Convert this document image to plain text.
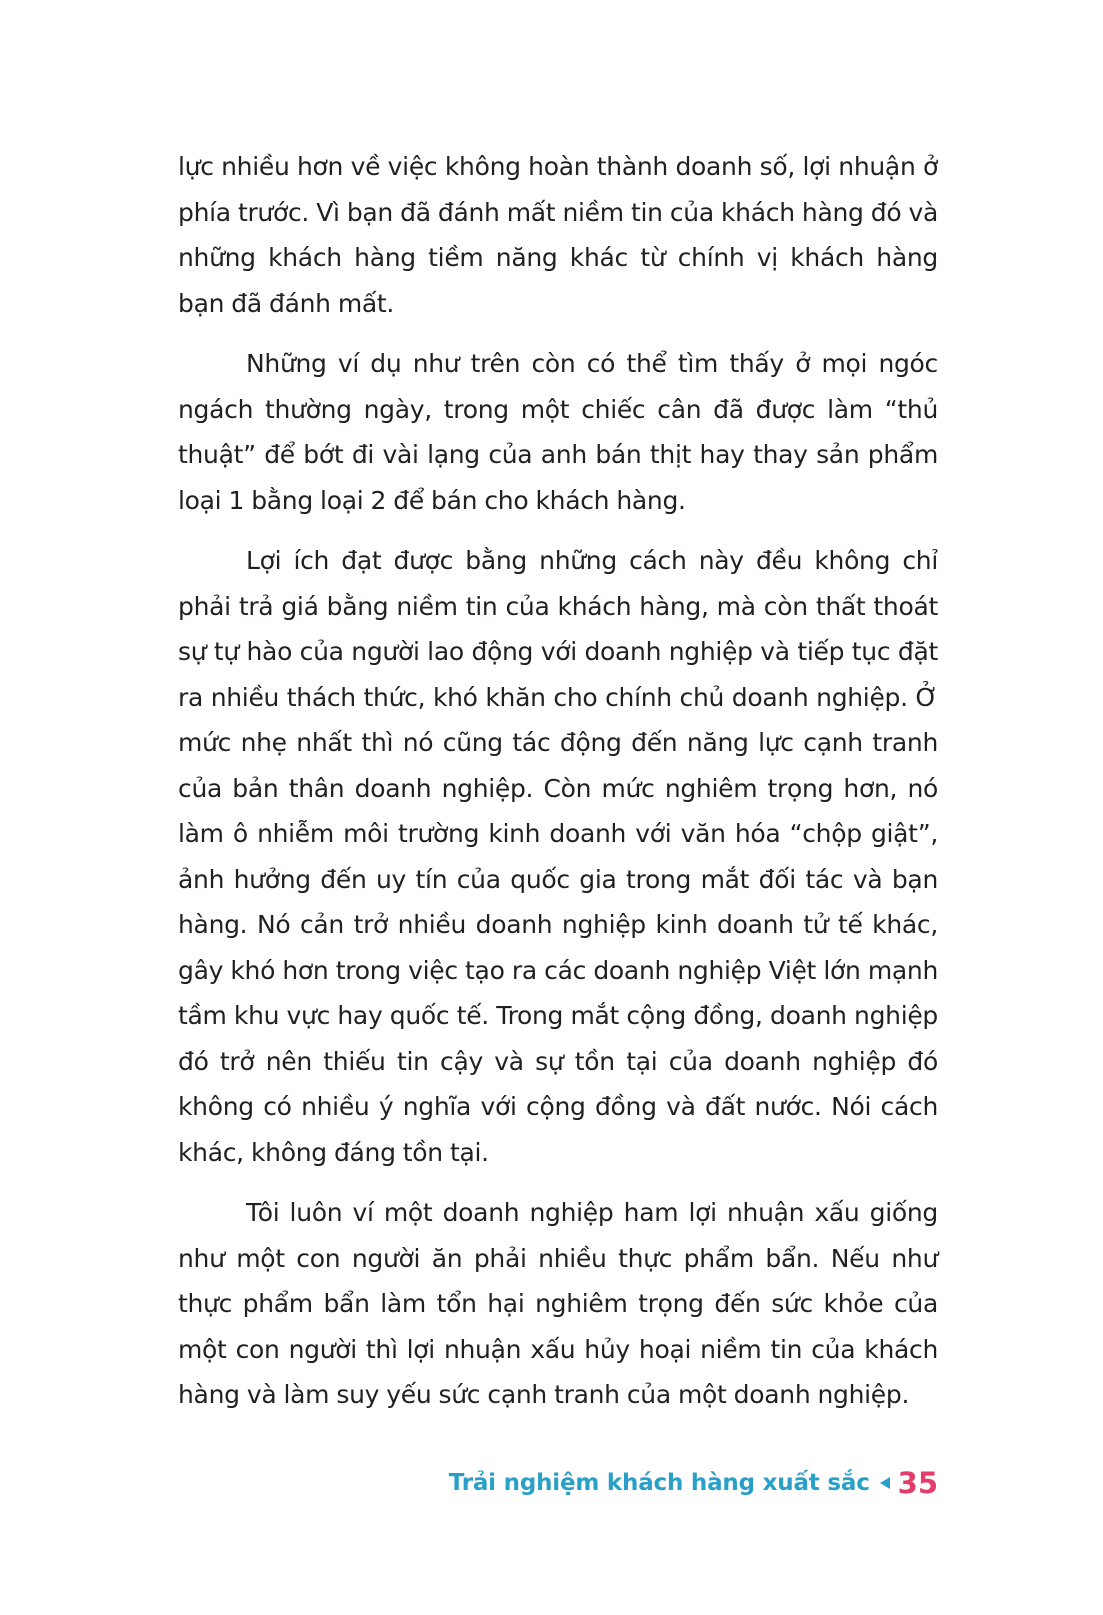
lực nhiều hơn về việc không hoàn thành doanh số, lợi nhuận ở phía trước. Vì bạn đã đánh mất niềm tin của khách hàng đó và những khách hàng tiềm năng khác từ chính vị khách hàng bạn đã đánh mất.

Những ví dụ như trên còn có thể tìm thấy ở mọi ngóc ngách thường ngày, trong một chiếc cân đã được làm “thủ thuật” để bớt đi vài lạng của anh bán thịt hay thay sản phẩm loại 1 bằng loại 2 để bán cho khách hàng.

Lợi ích đạt được bằng những cách này đều không chỉ phải trả giá bằng niềm tin của khách hàng, mà còn thất thoát sự tự hào của người lao động với doanh nghiệp và tiếp tục đặt ra nhiều thách thức, khó khăn cho chính chủ doanh nghiệp. Ở mức nhẹ nhất thì nó cũng tác động đến năng lực cạnh tranh của bản thân doanh nghiệp. Còn mức nghiêm trọng hơn, nó làm ô nhiễm môi trường kinh doanh với văn hóa “chộp giật”, ảnh hưởng đến uy tín của quốc gia trong mắt đối tác và bạn hàng. Nó cản trở nhiều doanh nghiệp kinh doanh tử tế khác, gây khó hơn trong việc tạo ra các doanh nghiệp Việt lớn mạnh tầm khu vực hay quốc tế. Trong mắt cộng đồng, doanh nghiệp đó trở nên thiếu tin cậy và sự tồn tại của doanh nghiệp đó không có nhiều ý nghĩa với cộng đồng và đất nước. Nói cách khác, không đáng tồn tại.

Tôi luôn ví một doanh nghiệp ham lợi nhuận xấu giống như một con người ăn phải nhiều thực phẩm bẩn. Nếu như thực phẩm bẩn làm tổn hại nghiêm trọng đến sức khỏe của một con người thì lợi nhuận xấu hủy hoại niềm tin của khách hàng và làm suy yếu sức cạnh tranh của một doanh nghiệp.

Trải nghiệm khách hàng xuất sắc 35
